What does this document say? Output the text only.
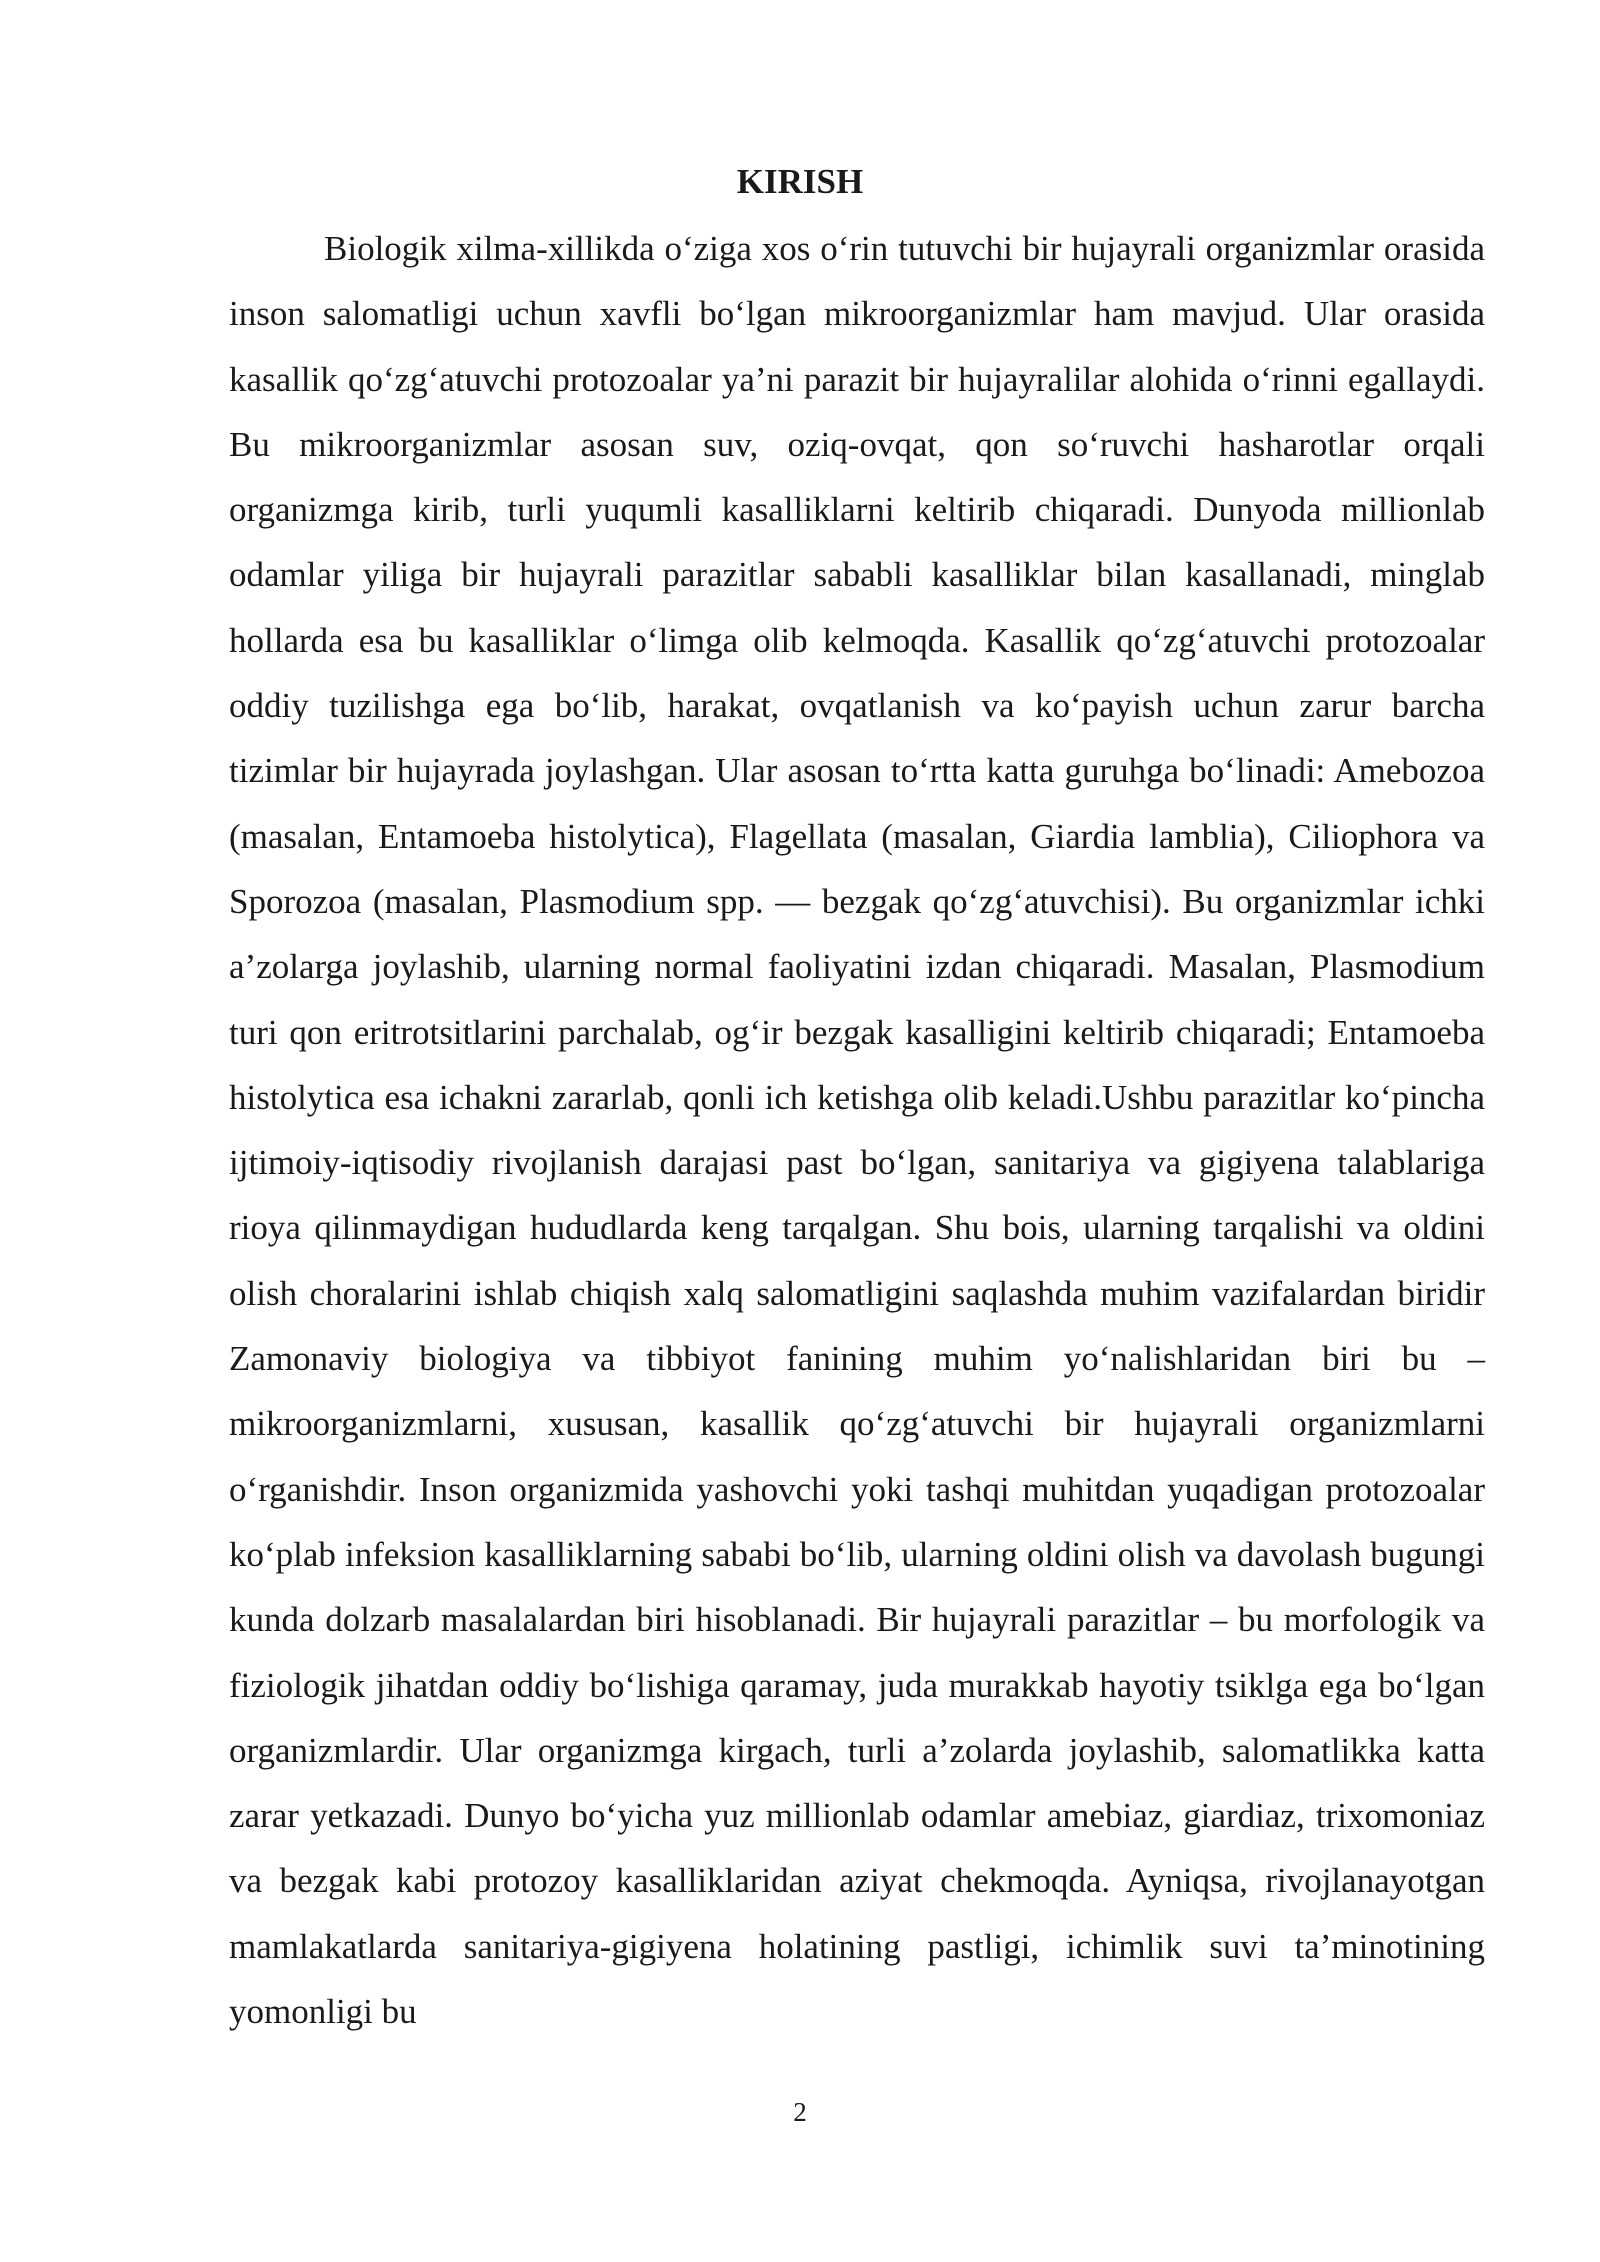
KIRISH

Biologik xilma-xillikda o‘ziga xos o‘rin tutuvchi bir hujayrali organizmlar orasida inson salomatligi uchun xavfli bo‘lgan mikroorganizmlar ham mavjud. Ular orasida kasallik qo‘zg‘atuvchi protozoalar ya’ni parazit bir hujayralilar alohida o‘rinni egallaydi. Bu mikroorganizmlar asosan suv, oziq-ovqat, qon so‘ruvchi hasharotlar orqali organizmga kirib, turli yuqumli kasalliklarni keltirib chiqaradi. Dunyoda millionlab odamlar yiliga bir hujayrali parazitlar sababli kasalliklar bilan kasallanadi, minglab hollarda esa bu kasalliklar o‘limga olib kelmoqda. Kasallik qo‘zg‘atuvchi protozoalar oddiy tuzilishga ega bo‘lib, harakat, ovqatlanish va ko‘payish uchun zarur barcha tizimlar bir hujayrada joylashgan. Ular asosan to‘rtta katta guruhga bo‘linadi: Amebozoa (masalan, Entamoeba histolytica), Flagellata (masalan, Giardia lamblia), Ciliophora va Sporozoa (masalan, Plasmodium spp. — bezgak qo‘zg‘atuvchisi). Bu organizmlar ichki a’zolarga joylashib, ularning normal faoliyatini izdan chiqaradi. Masalan, Plasmodium turi qon eritrotsitlarini parchalab, og‘ir bezgak kasalligini keltirib chiqaradi; Entamoeba histolytica esa ichakni zararlab, qonli ich ketishga olib keladi.Ushbu parazitlar ko‘pincha ijtimoiy-iqtisodiy rivojlanish darajasi past bo‘lgan, sanitariya va gigiyena talablariga rioya qilinmaydigan hududlarda keng tarqalgan. Shu bois, ularning tarqalishi va oldini olish choralarini ishlab chiqish xalq salomatligini saqlashda muhim vazifalardan biridir Zamonaviy biologiya va tibbiyot fanining muhim yo‘nalishlaridan biri bu – mikroorganizmlarni, xususan, kasallik qo‘zg‘atuvchi bir hujayrali organizmlarni o‘rganishdir. Inson organizmida yashovchi yoki tashqi muhitdan yuqadigan protozoalar ko‘plab infeksion kasalliklarning sababi bo‘lib, ularning oldini olish va davolash bugungi kunda dolzarb masalalardan biri hisoblanadi. Bir hujayrali parazitlar – bu morfologik va fiziologik jihatdan oddiy bo‘lishiga qaramay, juda murakkab hayotiy tsiklga ega bo‘lgan organizmlardir. Ular organizmga kirgach, turli a’zolarda joylashib, salomatlikka katta zarar yetkazadi. Dunyo bo‘yicha yuz millionlab odamlar amebiaz, giardiaz, trixomoniaz va bezgak kabi protozoy kasalliklaridan aziyat chekmoqda. Ayniqsa, rivojlanayotgan mamlakatlarda sanitariya-gigiyena holatining pastligi, ichimlik suvi ta’minotining yomonligi bu

2
